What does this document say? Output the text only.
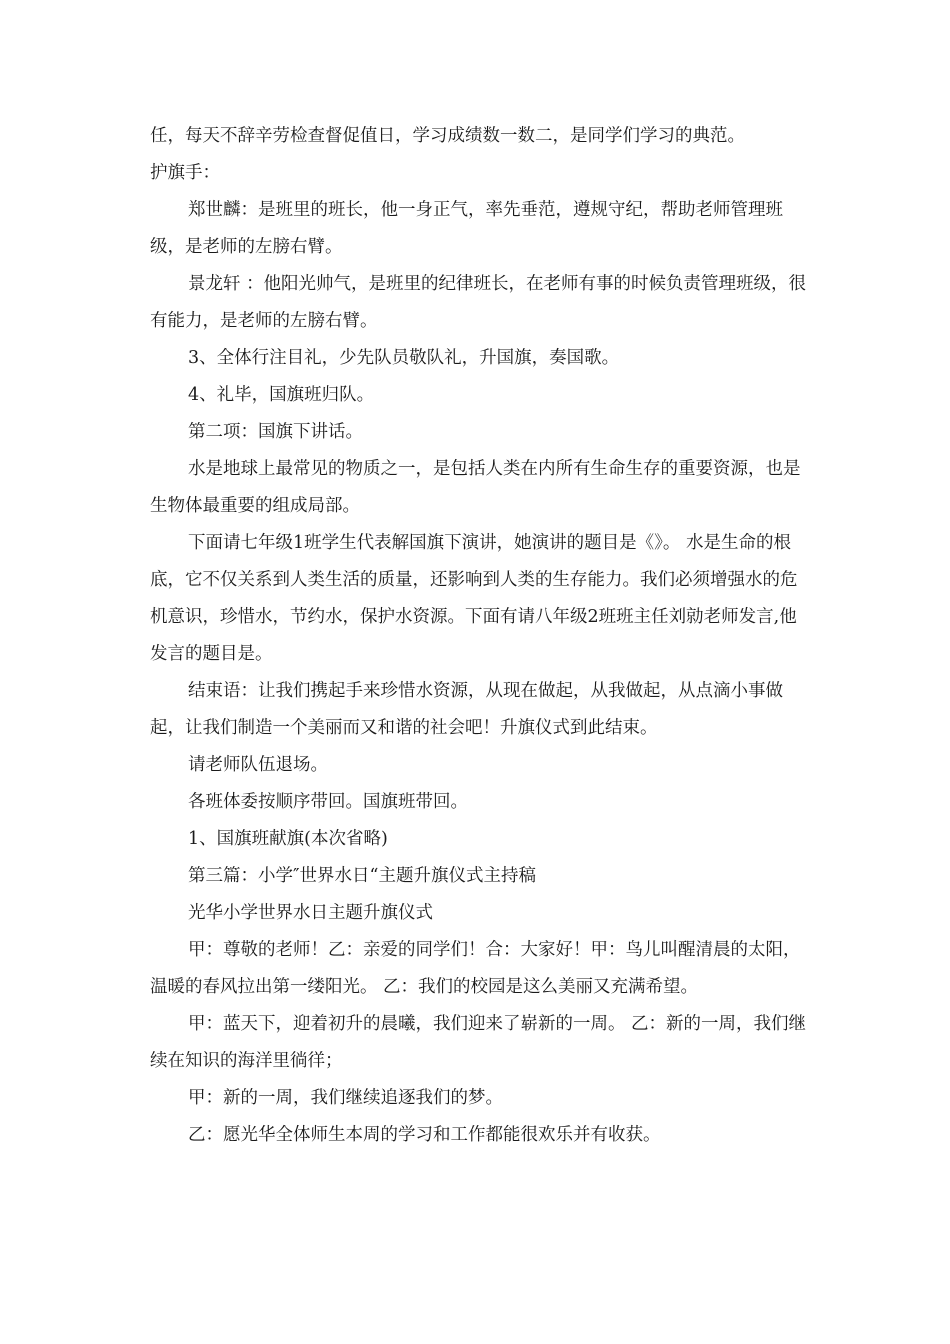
任，每天不辞辛劳检查督促值日，学习成绩数一数二，是同学们学习的典范。

护旗手：

郑世麟：是班里的班长，他一身正气，率先垂范，遵规守纪，帮助老师管理班级，是老师的左膀右臂。

景龙轩 ：他阳光帅气，是班里的纪律班长，在老师有事的时候负责管理班级，很有能力，是老师的左膀右臂。

3、全体行注目礼，少先队员敬队礼，升国旗，奏国歌。

4、礼毕，国旗班归队。

第二项：国旗下讲话。

水是地球上最常见的物质之一，是包括人类在内所有生命生存的重要资源，也是生物体最重要的组成局部。

下面请七年级1班学生代表解国旗下演讲，她演讲的题目是《》。 水是生命的根底，它不仅关系到人类生活的质量，还影响到人类的生存能力。我们必须增强水的危机意识，珍惜水，节约水，保护水资源。下面有请八年级2班班主任刘勍老师发言,他发言的题目是。

结束语：让我们携起手来珍惜水资源，从现在做起，从我做起，从点滴小事做起，让我们制造一个美丽而又和谐的社会吧！升旗仪式到此结束。

请老师队伍退场。

各班体委按顺序带回。国旗班带回。

1、国旗班献旗(本次省略)

第三篇：小学″世界水日“主题升旗仪式主持稿

光华小学世界水日主题升旗仪式

甲：尊敬的老师！乙：亲爱的同学们！合：大家好！甲：鸟儿叫醒清晨的太阳，温暖的春风拉出第一缕阳光。 乙：我们的校园是这么美丽又充满希望。

甲：蓝天下，迎着初升的晨曦，我们迎来了崭新的一周。 乙：新的一周，我们继续在知识的海洋里徜徉；

甲：新的一周，我们继续追逐我们的梦。

乙：愿光华全体师生本周的学习和工作都能很欢乐并有收获。
